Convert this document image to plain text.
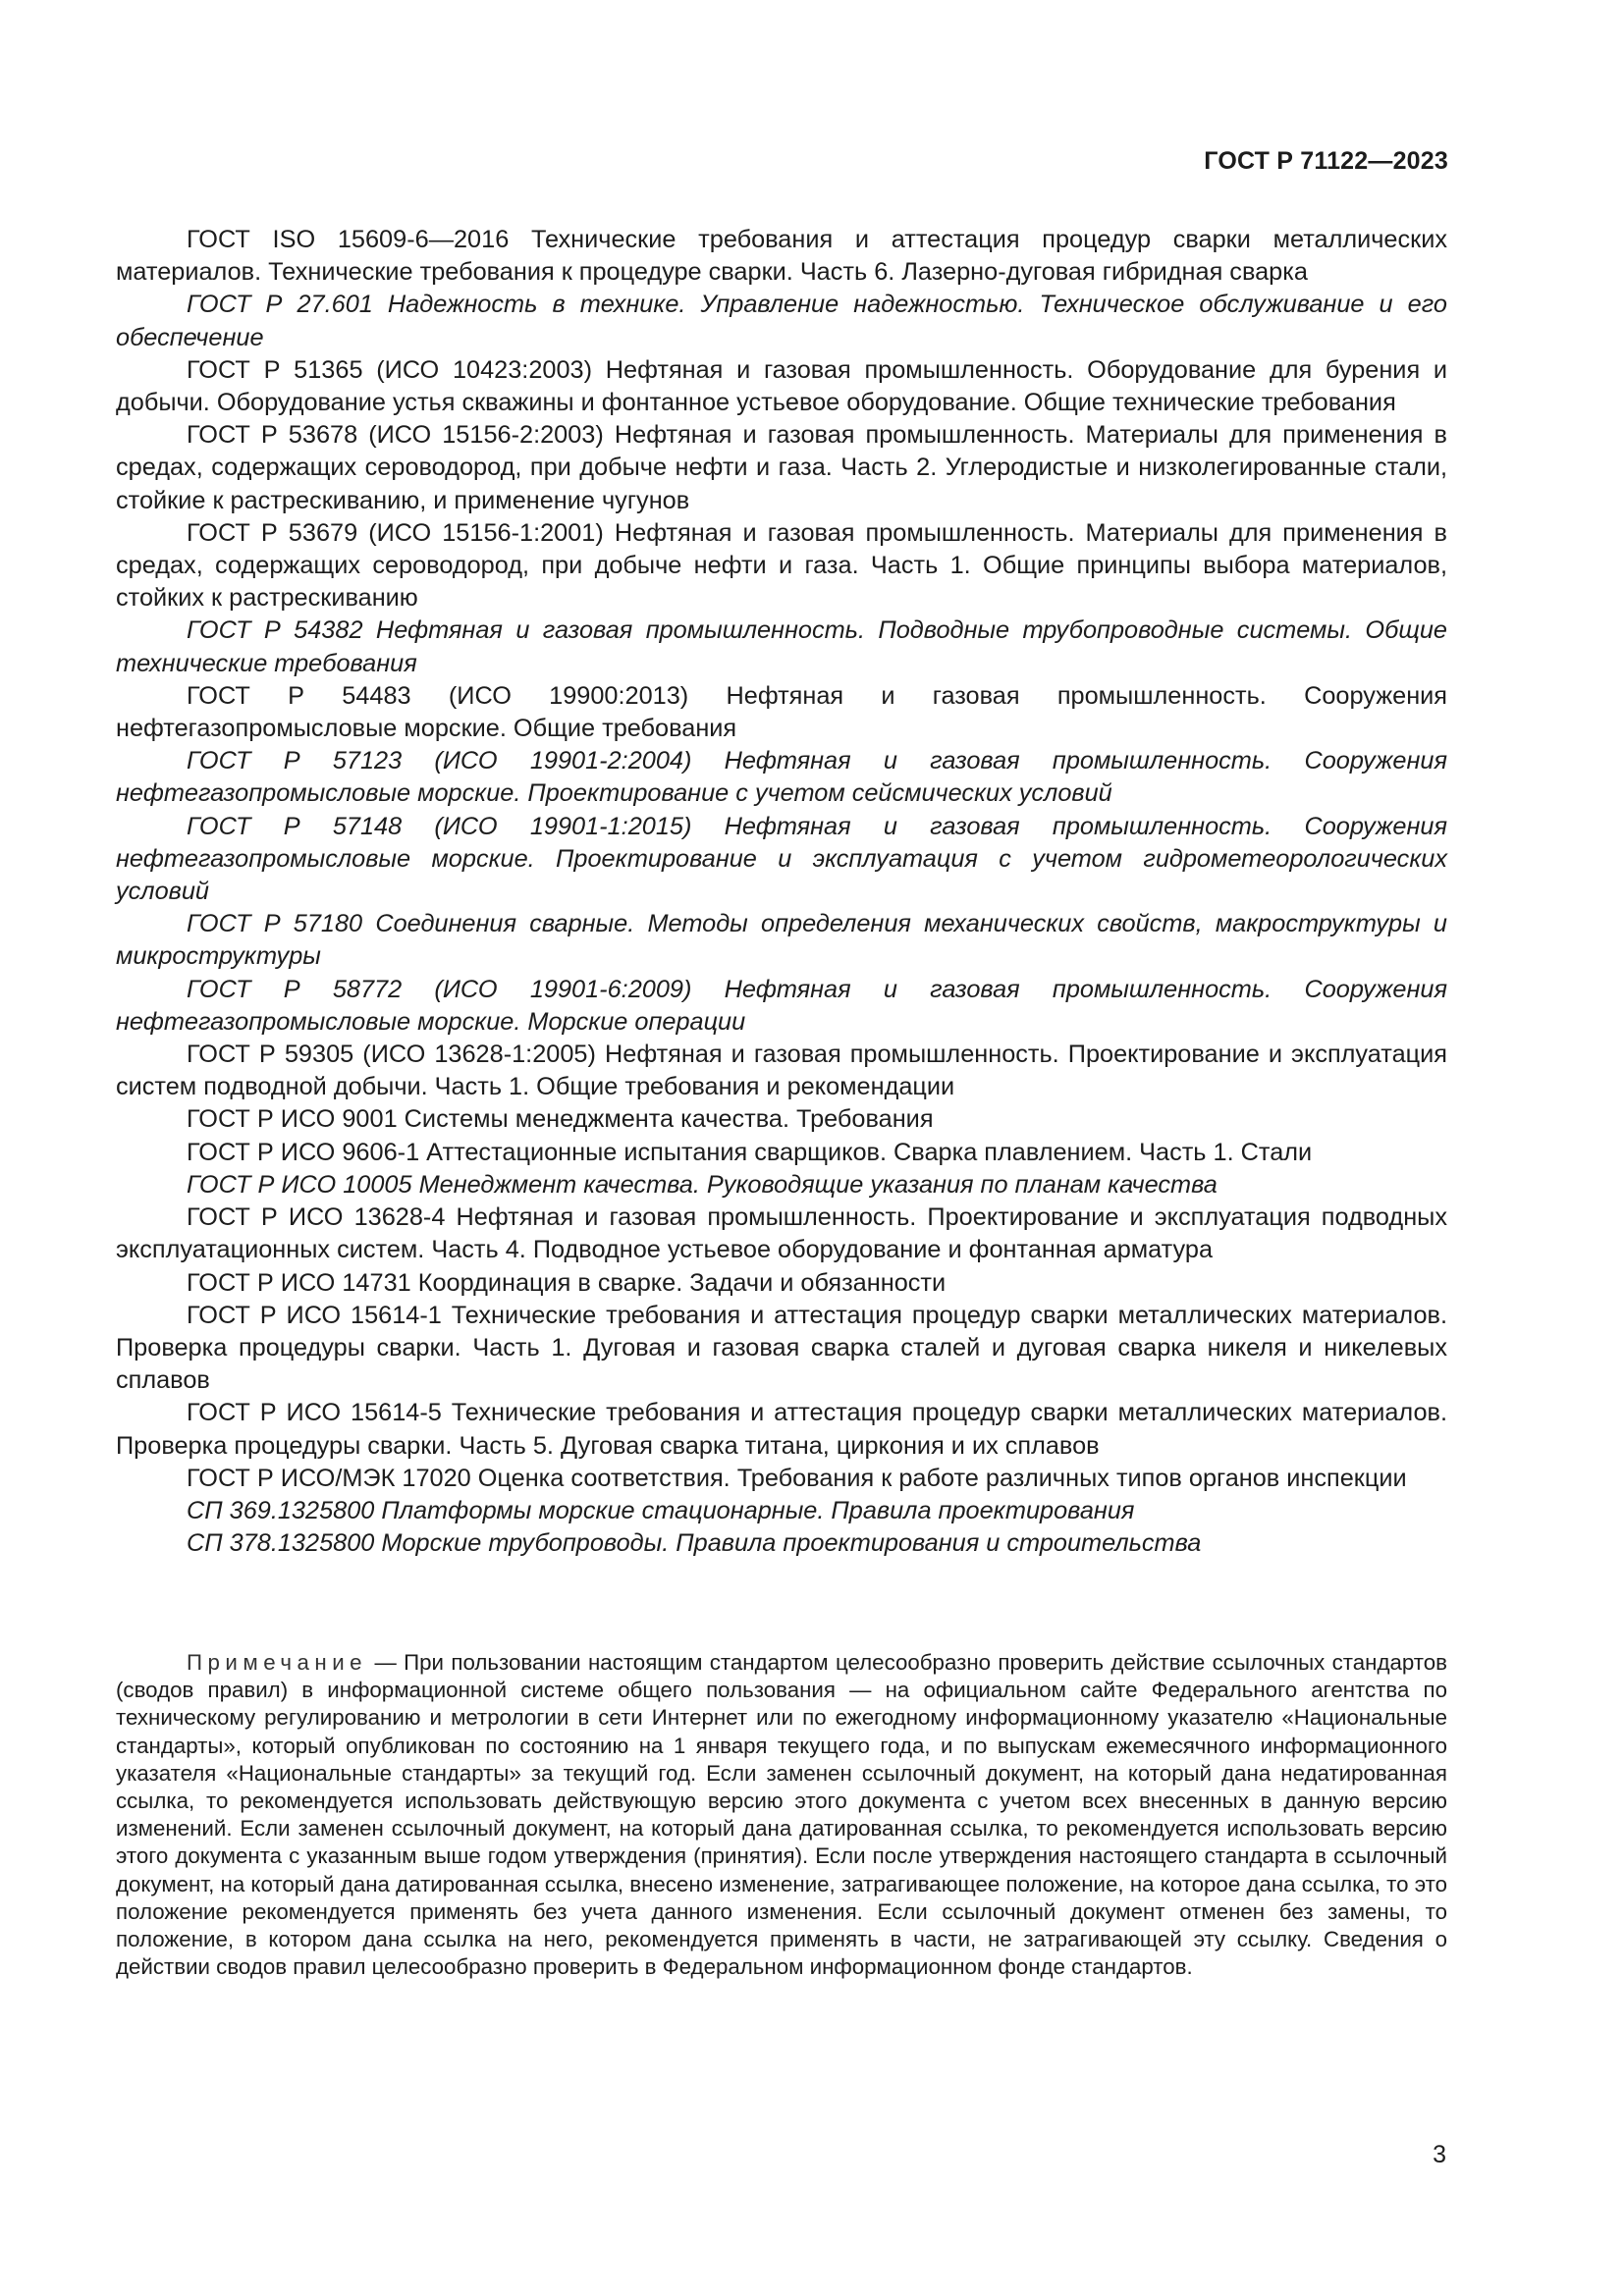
ГОСТ Р 71122—2023

ГОСТ ISO 15609-6—2016 Технические требования и аттестация процедур сварки металлических материалов. Технические требования к процедуре сварки. Часть 6. Лазерно-дуговая гибридная сварка

ГОСТ Р 27.601 Надежность в технике. Управление надежностью. Техническое обслуживание и его обеспечение

ГОСТ Р 51365 (ИСО 10423:2003) Нефтяная и газовая промышленность. Оборудование для бурения и добычи. Оборудование устья скважины и фонтанное устьевое оборудование. Общие технические требования

ГОСТ Р 53678 (ИСО 15156-2:2003) Нефтяная и газовая промышленность. Материалы для применения в средах, содержащих сероводород, при добыче нефти и газа. Часть 2. Углеродистые и низколегированные стали, стойкие к растрескиванию, и применение чугунов

ГОСТ Р 53679 (ИСО 15156-1:2001) Нефтяная и газовая промышленность. Материалы для применения в средах, содержащих сероводород, при добыче нефти и газа. Часть 1. Общие принципы выбора материалов, стойких к растрескиванию

ГОСТ Р 54382 Нефтяная и газовая промышленность. Подводные трубопроводные системы. Общие технические требования

ГОСТ Р 54483 (ИСО 19900:2013) Нефтяная и газовая промышленность. Сооружения нефтегазопромысловые морские. Общие требования

ГОСТ Р 57123 (ИСО 19901-2:2004) Нефтяная и газовая промышленность. Сооружения нефтегазопромысловые морские. Проектирование с учетом сейсмических условий

ГОСТ Р 57148 (ИСО 19901-1:2015) Нефтяная и газовая промышленность. Сооружения нефтегазопромысловые морские. Проектирование и эксплуатация с учетом гидрометеорологических условий

ГОСТ Р 57180 Соединения сварные. Методы определения механических свойств, макроструктуры и микроструктуры

ГОСТ Р 58772 (ИСО 19901-6:2009) Нефтяная и газовая промышленность. Сооружения нефтегазопромысловые морские. Морские операции

ГОСТ Р 59305 (ИСО 13628-1:2005) Нефтяная и газовая промышленность. Проектирование и эксплуатация систем подводной добычи. Часть 1. Общие требования и рекомендации

ГОСТ Р ИСО 9001 Системы менеджмента качества. Требования

ГОСТ Р ИСО 9606-1 Аттестационные испытания сварщиков. Сварка плавлением. Часть 1. Стали

ГОСТ Р ИСО 10005 Менеджмент качества. Руководящие указания по планам качества

ГОСТ Р ИСО 13628-4 Нефтяная и газовая промышленность. Проектирование и эксплуатация подводных эксплуатационных систем. Часть 4. Подводное устьевое оборудование и фонтанная арматура

ГОСТ Р ИСО 14731 Координация в сварке. Задачи и обязанности

ГОСТ Р ИСО 15614-1 Технические требования и аттестация процедур сварки металлических материалов. Проверка процедуры сварки. Часть 1. Дуговая и газовая сварка сталей и дуговая сварка никеля и никелевых сплавов

ГОСТ Р ИСО 15614-5 Технические требования и аттестация процедур сварки металлических материалов. Проверка процедуры сварки. Часть 5. Дуговая сварка титана, циркония и их сплавов

ГОСТ Р ИСО/МЭК 17020 Оценка соответствия. Требования к работе различных типов органов инспекции

СП 369.1325800 Платформы морские стационарные. Правила проектирования

СП 378.1325800 Морские трубопроводы. Правила проектирования и строительства

Примечание — При пользовании настоящим стандартом целесообразно проверить действие ссылочных стандартов (сводов правил) в информационной системе общего пользования — на официальном сайте Федерального агентства по техническому регулированию и метрологии в сети Интернет или по ежегодному информационному указателю «Национальные стандарты», который опубликован по состоянию на 1 января текущего года, и по выпускам ежемесячного информационного указателя «Национальные стандарты» за текущий год. Если заменен ссылочный документ, на который дана недатированная ссылка, то рекомендуется использовать действующую версию этого документа с учетом всех внесенных в данную версию изменений. Если заменен ссылочный документ, на который дана датированная ссылка, то рекомендуется использовать версию этого документа с указанным выше годом утверждения (принятия). Если после утверждения настоящего стандарта в ссылочный документ, на который дана датированная ссылка, внесено изменение, затрагивающее положение, на которое дана ссылка, то это положение рекомендуется применять без учета данного изменения. Если ссылочный документ отменен без замены, то положение, в котором дана ссылка на него, рекомендуется применять в части, не затрагивающей эту ссылку. Сведения о действии сводов правил целесообразно проверить в Федеральном информационном фонде стандартов.
3
